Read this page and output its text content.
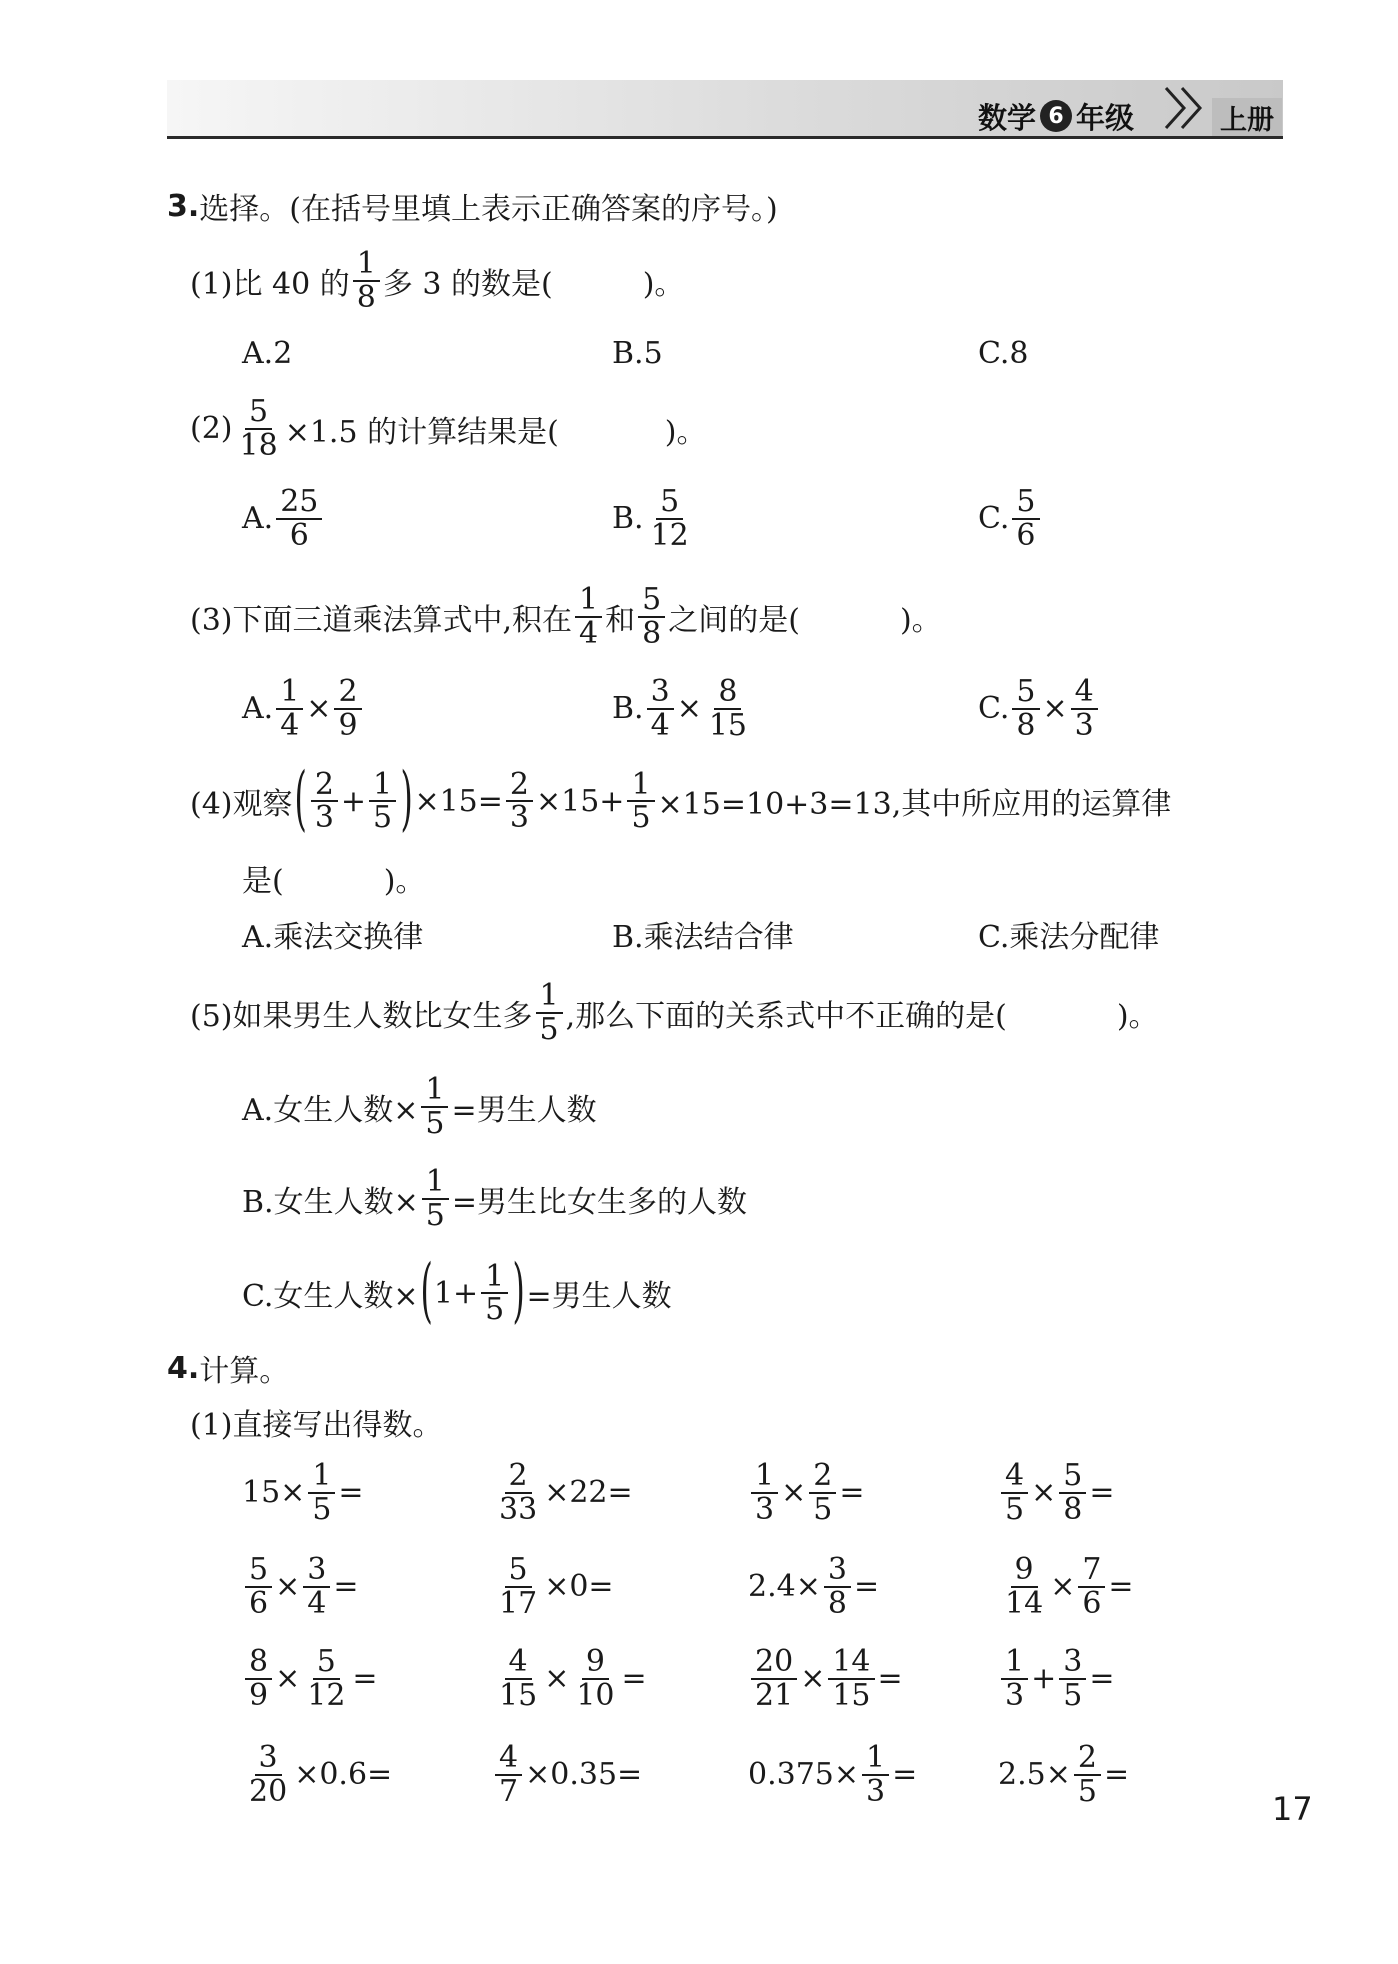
数学 6 年级	上册
3. 选择。(在括号里填上表示正确答案的序号。)
(1)比 40 的 $\frac{1}{8}$ 多 3 的数是(	)。
A.2	B.5	C.8
$(2) \frac{5}{18} \times 1.5$ 的计算结果是(	)。
A. $\frac{25}{6}$	B. $\frac{5}{12}$	C. $\frac{5}{6}$
(3)下面三道乘法算式中,积在 $\frac{1}{4}$ 和 $\frac{5}{8}$ 之间的是(	)。
A. $\frac{1}{4} \times \frac{2}{9}$	B. $\frac{3}{4} \times \frac{8}{15}$	C. $\frac{5}{8} \times \frac{4}{3}$
(4)观察 ( $\frac{2}{3} + \frac{1}{5}$ ) $\times 15= \frac{2}{3} \times 15+ \frac{1}{5} \times 15=10+3=13$,其中所应用的运算律
是(	)。
A.乘法交换律	B.乘法结合律	C.乘法分配律
(5)如果男生人数比女生多 $\frac{1}{5}$ ,那么下面的关系式中不正确的是(	)。
A.女生人数× $\frac{1}{5}$ =男生人数
B.女生人数× $\frac{1}{5}$ =男生比女生多的人数
C.女生人数× ( $1+ \frac{1}{5}$ ) =男生人数
4. 计算。
(1)直接写出得数。
$15\times \frac{1}{5}$ =	$\frac{2}{33} \times 22=$	$\frac{1}{3} \times \frac{2}{5}$ =	$\frac{4}{5} \times \frac{5}{8}$ =
$\frac{5}{6} \times \frac{3}{4}$ =	$\frac{5}{17} \times 0=$	$2.4\times \frac{3}{8}$ =	$\frac{9}{14} \times \frac{7}{6}$ =
$\frac{8}{9} \times \frac{5}{12}$ =	$\frac{4}{15} \times \frac{9}{10}$ =	$\frac{20}{21} \times \frac{14}{15}$ =	$\frac{1}{3} + \frac{3}{5}$ =
$\frac{3}{20} \times 0.6=$	$\frac{4}{7} \times 0.35=$	$0.375\times \frac{1}{3}$ =	$2.5\times \frac{2}{5}$ =
17
